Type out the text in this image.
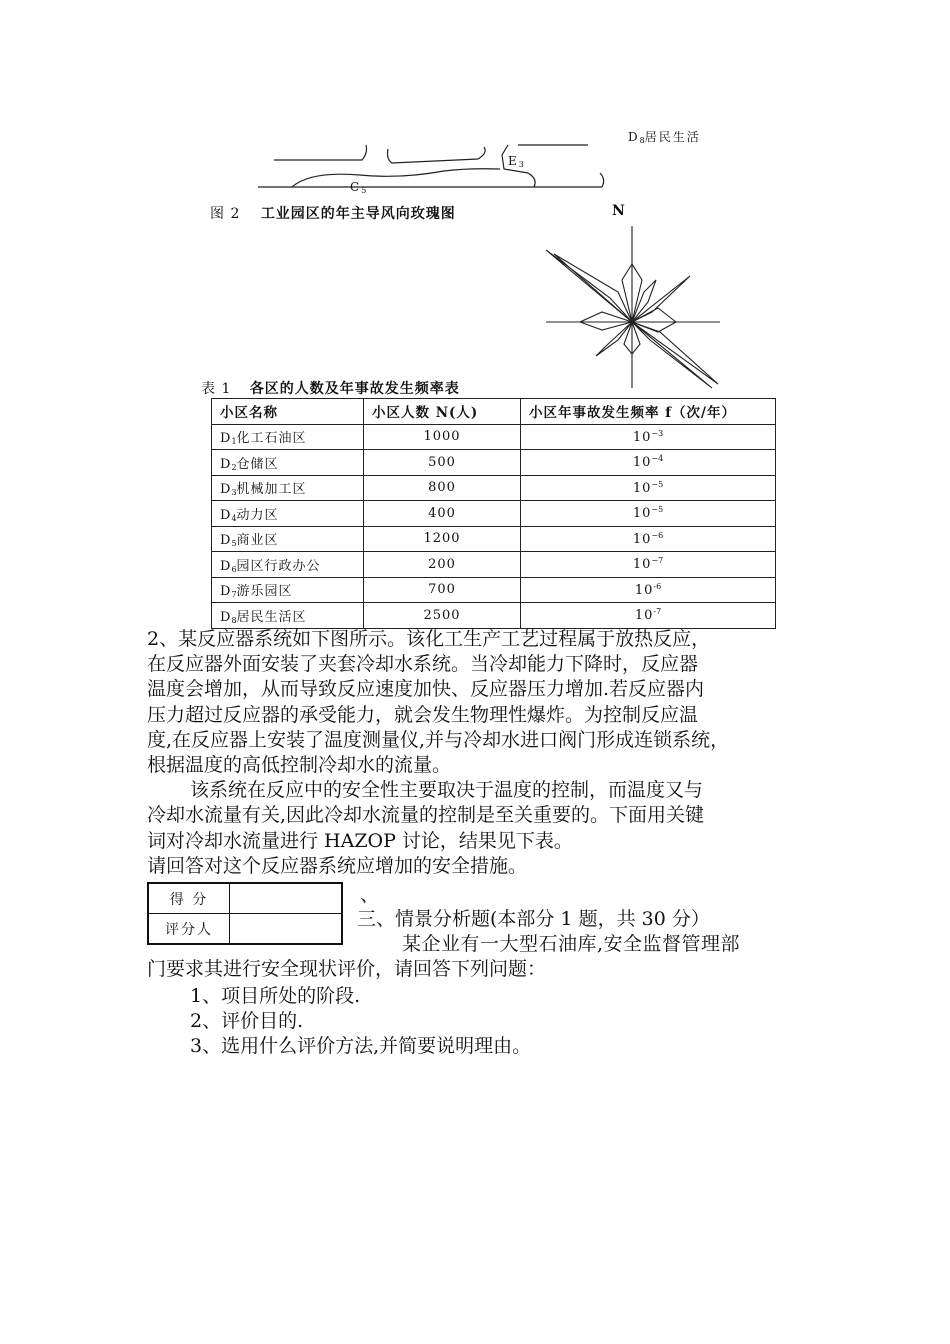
$D_8$居民生活
$E_3$
$C_5$
图 2 工业园区的年主导风向玫瑰图	N
表 1 各区的人数及年事故发生频率表
小区名称	小区人数 N(人)	小区年事故发生频率 f（次/年）
$D_1$化工石油区	1000	$10^{-3}$
$D_2$仓储区	500	$10^{-4}$
$D_3$机械加工区	800	$10^{-5}$
$D_4$动力区	400	$10^{-5}$
$D_5$商业区	1200	$10^{-6}$
$D_6$园区行政办公	200	$10^{-7}$
$D_7$游乐园区	700	$10^{-6}$
$D_8$居民生活区	2500	$10^{-7}$

2、某反应器系统如下图所示。该化工生产工艺过程属于放热反应，

在反应器外面安装了夹套冷却水系统。当冷却能力下降时，反应器

温度会增加，从而导致反应速度加快、反应器压力增加.若反应器内

压力超过反应器的承受能力，就会发生物理性爆炸。为控制反应温

度,在反应器上安装了温度测量仪,并与冷却水进口阀门形成连锁系统，

根据温度的高低控制冷却水的流量。

该系统在反应中的安全性主要取决于温度的控制，而温度又与

冷却水流量有关,因此冷却水流量的控制是至关重要的。下面用关键

词对冷却水流量进行 HAZOP 讨论，结果见下表。

请回答对这个反应器系统应增加的安全措施。

得 分	
评分人	
、
三、情景分析题(本部分 1 题，共 30 分）
某企业有一大型石油库,安全监督管理部
门要求其进行安全现状评价，请回答下列问题：
1、项目所处的阶段.
2、评价目的.
3、选用什么评价方法,并简要说明理由。
